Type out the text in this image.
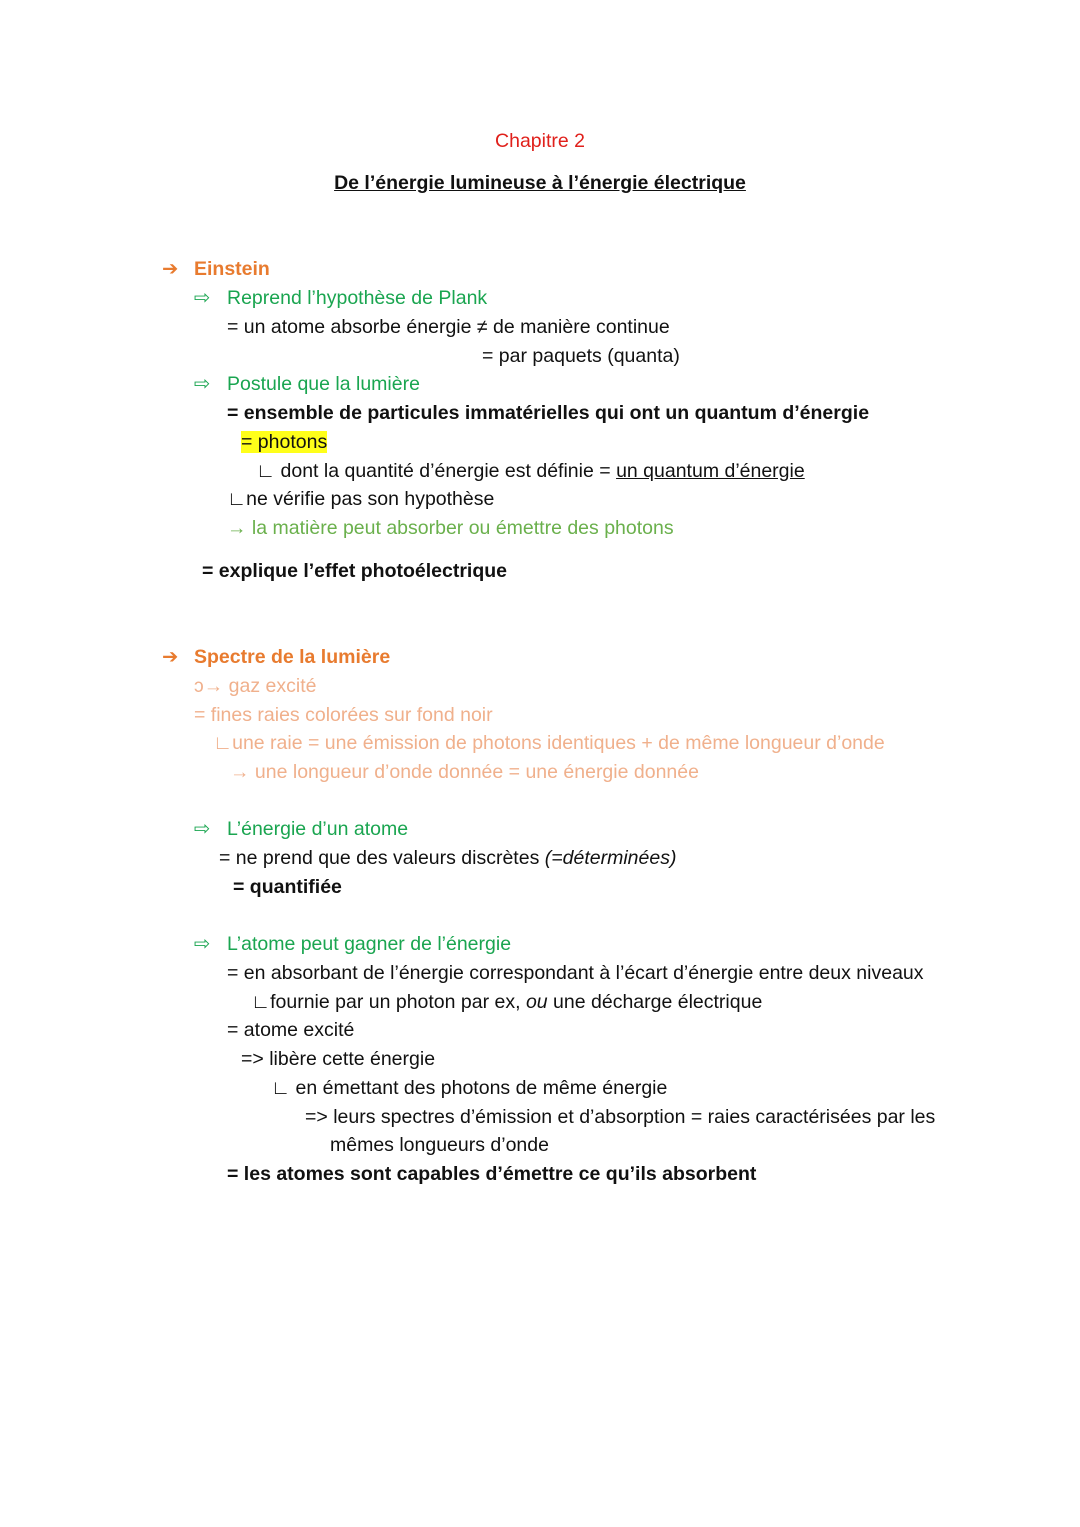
Chapitre 2
De l’énergie lumineuse à l’énergie électrique
➔ Einstein
⇨ Reprend l’hypothèse de Plank
= un atome absorbe énergie ≠ de manière continue
= par paquets (quanta)
⇨ Postule que la lumière
= ensemble de particules immatérielles qui ont un quantum d’énergie
= photons
∟ dont la quantité d’énergie est définie = un quantum d’énergie
∟ne vérifie pas son hypothèse
→ la matière peut absorber ou émettre des photons
= explique l’effet photoélectrique
➔ Spectre de la lumière
ↄ→ gaz excité
= fines raies colorées sur fond noir
∟une raie = une émission de photons identiques + de même longueur d’onde
→ une longueur d’onde donnée = une énergie donnée
⇨ L’énergie d’un atome
= ne prend que des valeurs discrètes (=déterminées)
= quantifiée
⇨ L’atome peut gagner de l’énergie
= en absorbant de l’énergie correspondant à l’écart d’énergie entre deux niveaux
∟fournie par un photon par ex, ou une décharge électrique
= atome excité
=> libère cette énergie
∟ en émettant des photons de même énergie
=> leurs spectres d’émission et d’absorption = raies caractérisées par les
mêmes longueurs d’onde
= les atomes sont capables d’émettre ce qu’ils absorbent
